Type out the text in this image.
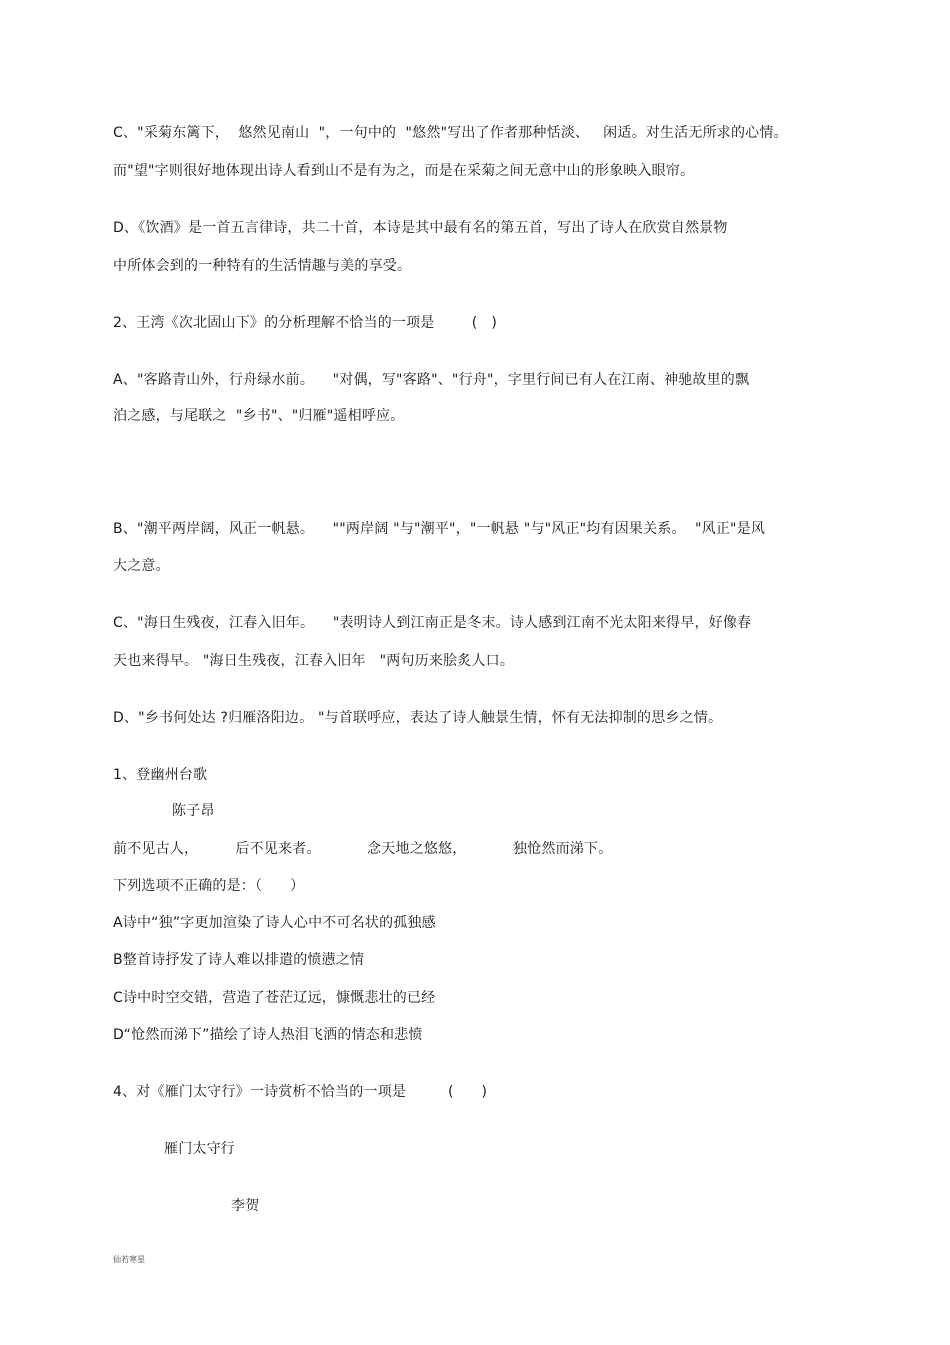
C、"采菊东篱下，  悠然见南山  "，一句中的  "悠然"写出了作者那种恬淡、   闲适。对生活无所求的心情。
而"望"字则很好地体现出诗人看到山不是有为之，而是在采菊之间无意中山的形象映入眼帘。
D、《饮酒》是一首五言律诗，共二十首，本诗是其中最有名的第五首，写出了诗人在欣赏自然景物
中所体会到的一种特有的生活情趣与美的享受。
2、王湾《次北固山下》的分析理解不恰当的一项是        (   )
A、"客路青山外，行舟绿水前。    "对偶，写"客路"、"行舟"，字里行间已有人在江南、神驰故里的飘
泊之感，与尾联之  "乡书"、"归雁"遥相呼应。
B、"潮平两岸阔，风正一帆悬。    ""两岸阔 "与"潮平"，"一帆悬 "与"风正"均有因果关系。  "风正"是风
大之意。
C、"海日生残夜，江春入旧年。    "表明诗人到江南正是冬末。诗人感到江南不光太阳来得早，好像春
天也来得早。 "海日生残夜，江春入旧年   "两句历来脍炙人口。
D、"乡书何处达 ?归雁洛阳边。 "与首联呼应，表达了诗人触景生情，怀有无法抑制的思乡之情。
1、登幽州台歌
陈子昂
前不见古人，        后不见来者。          念天地之悠悠，          独怆然而涕下。
下列选项不正确的是：（      ）
A诗中“独”字更加渲染了诗人心中不可名状的孤独感
B整首诗抒发了诗人难以排遣的愤懑之情
C诗中时空交错，营造了苍茫辽远，慷慨悲壮的已经
D“怆然而涕下”描绘了诗人热泪飞洒的情态和悲愤
4、对《雁门太守行》一诗赏析不恰当的一项是         (      )
雁门太守行
李贺
仙若寒星
